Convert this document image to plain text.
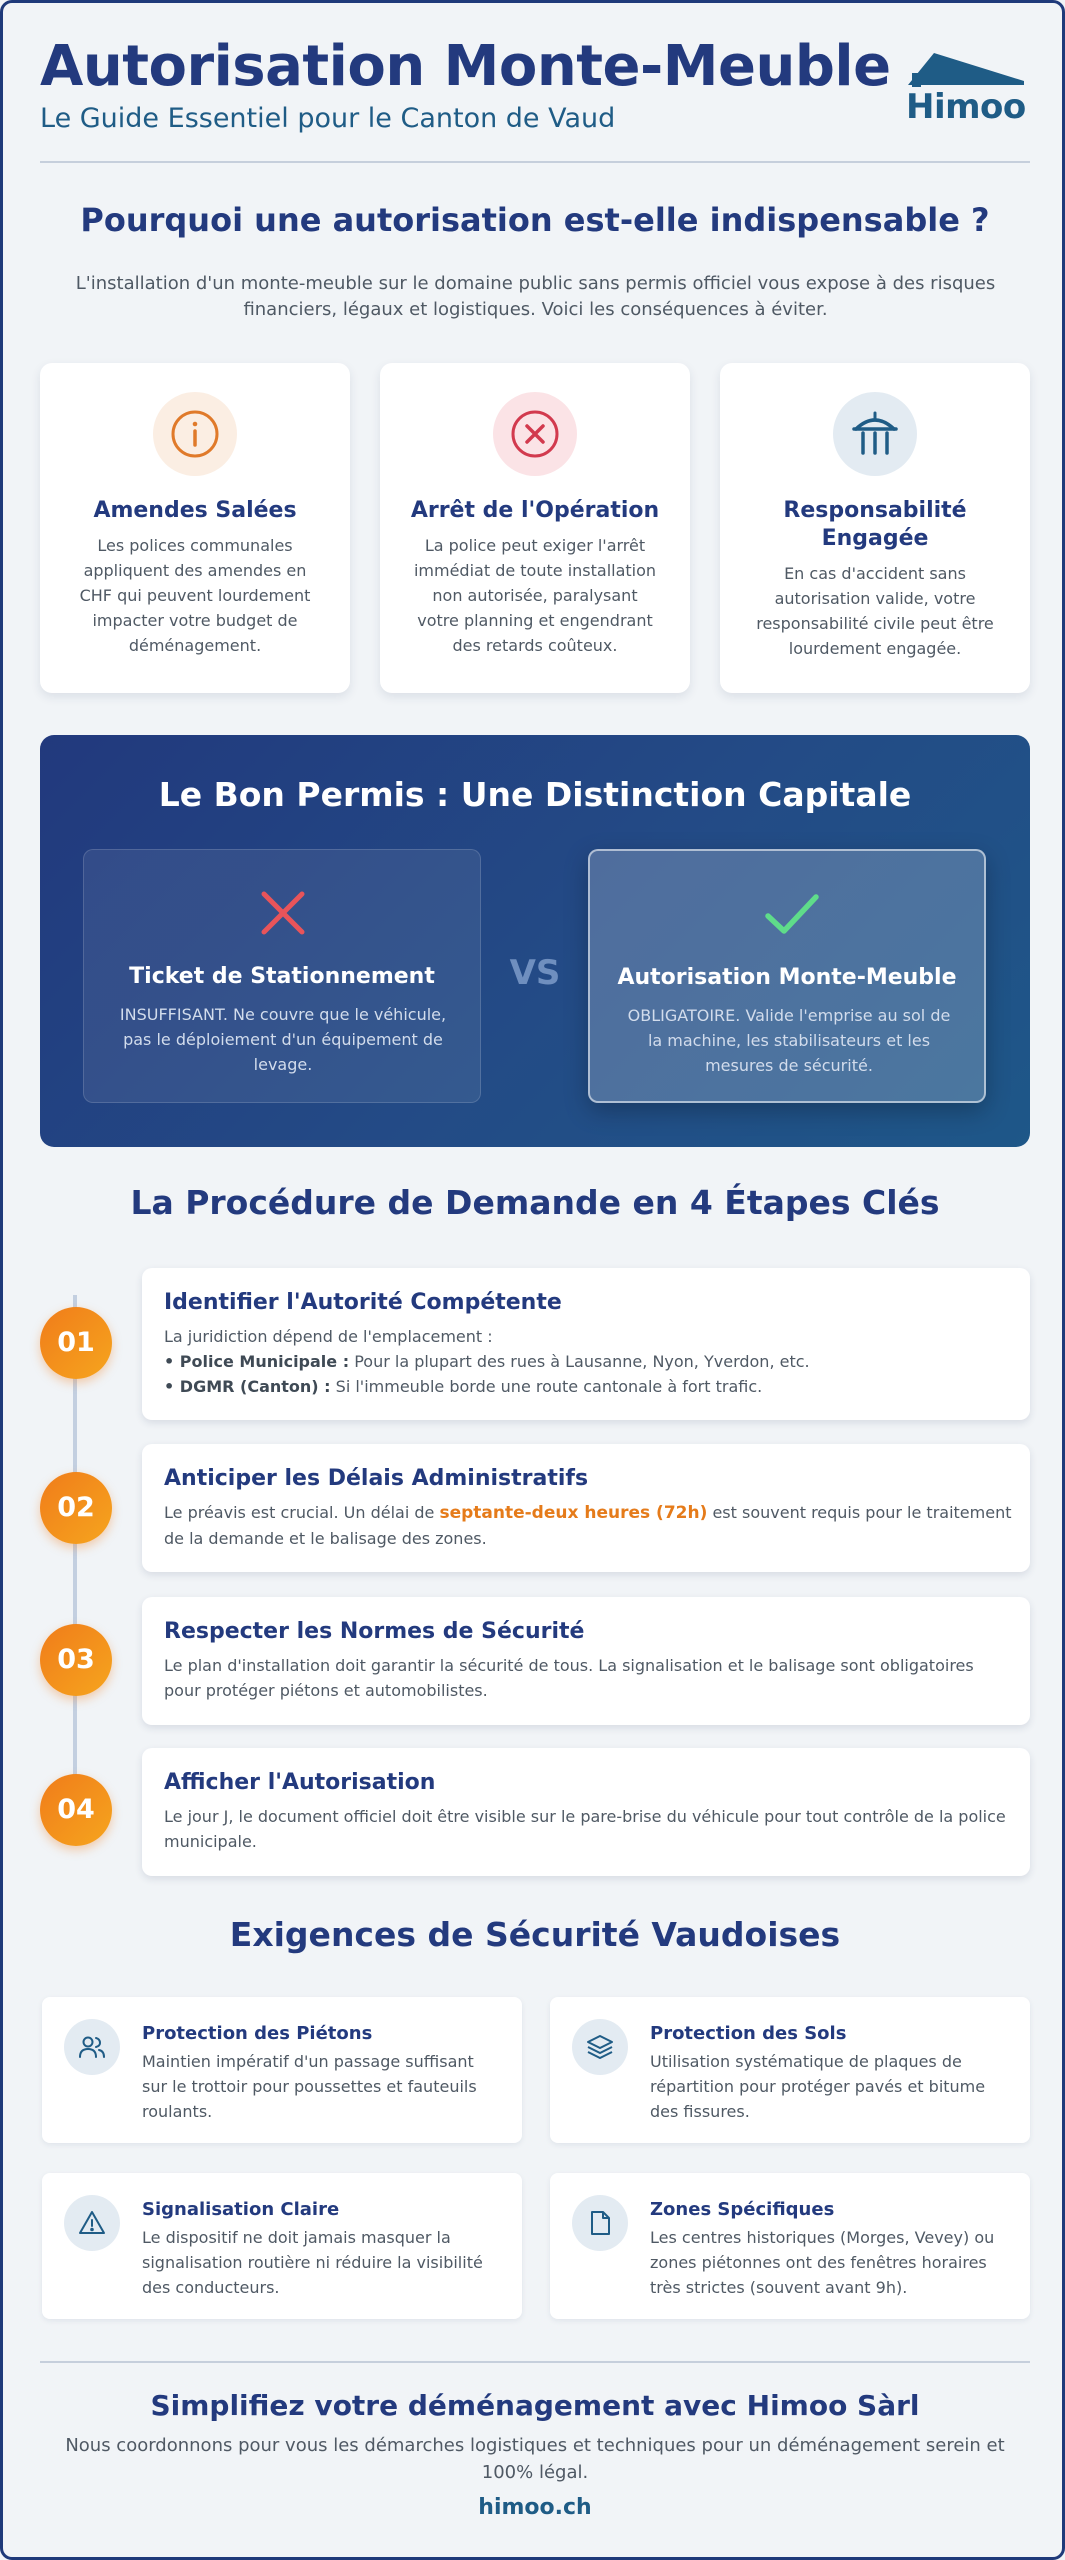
Autorisation Monte-Meuble
Le Guide Essentiel pour le Canton de Vaud	Himoo
Pourquoi une autorisation est-elle indispensable ?
L'installation d'un monte-meuble sur le domaine public sans permis officiel vous expose à des risques financiers, légaux et logistiques. Voici les conséquences à éviter.
Amendes Salées
Les polices communales appliquent des amendes en CHF qui peuvent lourdement impacter votre budget de déménagement.
Arrêt de l'Opération
La police peut exiger l'arrêt immédiat de toute installation non autorisée, paralysant votre planning et engendrant des retards coûteux.
Responsabilité Engagée
En cas d'accident sans autorisation valide, votre responsabilité civile peut être lourdement engagée.
Le Bon Permis : Une Distinction Capitale
Ticket de Stationnement
INSUFFISANT. Ne couvre que le véhicule, pas le déploiement d'un équipement de levage.
VS	Autorisation Monte-Meuble
OBLIGATOIRE. Valide l'emprise au sol de la machine, les stabilisateurs et les mesures de sécurité.
La Procédure de Demande en 4 Étapes Clés
01
Identifier l'Autorité Compétente
La juridiction dépend de l'emplacement :
• Police Municipale : Pour la plupart des rues à Lausanne, Nyon, Yverdon, etc.
• DGMR (Canton) : Si l'immeuble borde une route cantonale à fort trafic.
02
Anticiper les Délais Administratifs
Le préavis est crucial. Un délai de septante-deux heures (72h) est souvent requis pour le traitement de la demande et le balisage des zones.
03
Respecter les Normes de Sécurité
Le plan d'installation doit garantir la sécurité de tous. La signalisation et le balisage sont obligatoires pour protéger piétons et automobilistes.
04
Afficher l'Autorisation
Le jour J, le document officiel doit être visible sur le pare-brise du véhicule pour tout contrôle de la police municipale.
Exigences de Sécurité Vaudoises
Protection des Piétons
Maintien impératif d'un passage suffisant sur le trottoir pour poussettes et fauteuils roulants.
Protection des Sols
Utilisation systématique de plaques de répartition pour protéger pavés et bitume des fissures.
Signalisation Claire
Le dispositif ne doit jamais masquer la signalisation routière ni réduire la visibilité des conducteurs.
Zones Spécifiques
Les centres historiques (Morges, Vevey) ou zones piétonnes ont des fenêtres horaires très strictes (souvent avant 9h).
Simplifiez votre déménagement avec Himoo Sàrl
Nous coordonnons pour vous les démarches logistiques et techniques pour un déménagement serein et 100% légal.
himoo.ch
